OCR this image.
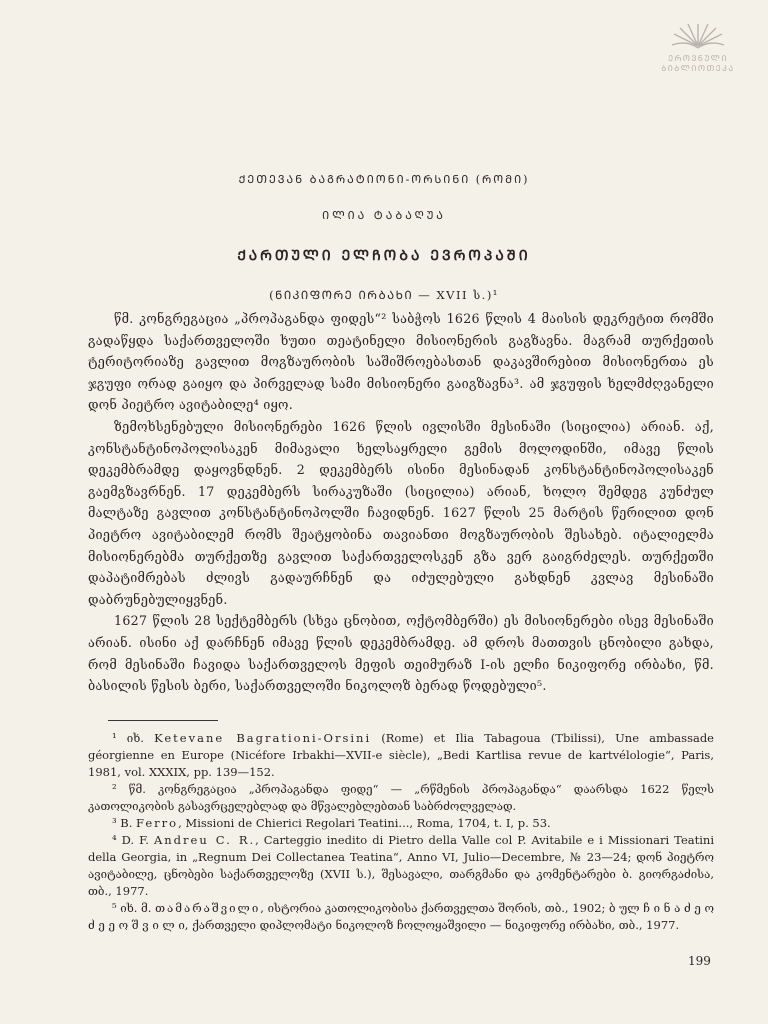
ᲔᲠᲝᲕᲜᲣᲚᲘ
ᲑᲘᲑᲚᲘᲝᲗᲔᲙᲐ
ᲥᲔᲗᲔᲕᲐᲜ ᲑᲐᲒᲠᲐᲢᲘᲝᲜᲘ-ᲝᲠᲡᲘᲜᲘ (ᲠᲝᲛᲘ)
ᲘᲚᲘᲐ ᲢᲐᲑᲐᲦᲣᲐ
ᲥᲐᲠᲗᲣᲚᲘ ᲔᲚᲩᲝᲑᲐ ᲔᲕᲠᲝᲞᲐᲨᲘ
(ᲜᲘᲙᲘᲤᲝᲠᲔ ᲘᲠᲑᲐᲮᲘ — XVII ს.)¹

წმ. კონგრეგაცია „პროპაგანდა ფიდეს“² საბჭოს 1626 წლის 4 მაისის დეკრეტით რომში გადაწყდა საქართველოში ხუთი თეატინელი მისიონერის გაგზავნა. მაგრამ თურქეთის ტერიტორიაზე გავლით მოგზაურობის საშიშროებასთან დაკავშირებით მისიონერთა ეს ჯგუფი ორად გაიყო და პირველად სამი მისიონერი გაიგზავნა³. ამ ჯგუფის ხელმძღვანელი დონ პიეტრო ავიტაბილე⁴ იყო.

ზემოხსენებული მისიონერები 1626 წლის ივლისში მესინაში (სიცილია) არიან. აქ, კონსტანტინოპოლისაკენ მიმავალი ხელსაყრელი გემის მოლოდინში, იმავე წლის დეკემბრამდე დაყოვნდნენ. 2 დეკემბერს ისინი მესინადან კონსტანტინოპოლისაკენ გაემგზავრნენ. 17 დეკემბერს სირაკუზაში (სიცილია) არიან, ხოლო შემდეგ კუნძულ მალტაზე გავლით კონსტანტინოპოლში ჩავიდნენ. 1627 წლის 25 მარტის წერილით დონ პიეტრო ავიტაბილემ რომს შეატყობინა თავიანთი მოგზაურობის შესახებ. იტალიელმა მისიონერებმა თურქეთზე გავლით საქართველოსკენ გზა ვერ გაიგრძელეს. თურქეთში დაპატიმრებას ძლივს გადაურჩნენ და იძულებული გახდნენ კვლავ მესინაში დაბრუნებულიყვნენ.

1627 წლის 28 სექტემბერს (სხვა ცნობით, ოქტომბერში) ეს მისიონერები ისევ მესინაში არიან. ისინი აქ დარჩნენ იმავე წლის დეკემბრამდე. ამ დროს მათთვის ცნობილი გახდა, რომ მესინაში ჩავიდა საქართველოს მეფის თეიმურაზ I-ის ელჩი ნიკიფორე ირბახი, წმ. ბასილის წესის ბერი, საქართველოში ნიკოლოზ ბერად წოდებული⁵.

¹ იხ. Ketevane Bagrationi-Orsini (Rome) et Ilia Tabagoua (Tbilissi), Une ambassade géorgienne en Europe (Nicéfore Irbakhi—XVII-e siècle), „Bedi Kartlisa revue de kartvélologie“, Paris, 1981, vol. XXXIX, pp. 139—152.

² წმ. კონგრეგაცია „პროპაგანდა ფიდე“ — „რწმენის პროპაგანდა“ დაარსდა 1622 წელს კათოლიკობის გასავრცელებლად და მწვალებლებთან საბრძოლველად.

³ B. Ferro, Missioni de Chierici Regolari Teatini..., Roma, 1704, t. I, p. 53.

⁴ D. F. Andreu C. R., Carteggio inedito di Pietro della Valle col P. Avitabile e i Missionari Teatini della Georgia, in „Regnum Dei Collectanea Teatina“, Anno VI, Julio—Decembre, № 23—24; დონ პიეტრო ავიტაბილე, ცნობები საქართველოზე (XVII ს.), შესავალი, თარგმანი და კომენტარები ბ. გიორგაძისა, თბ., 1977.

⁵ იხ. მ. თამარაშვილი, ისტორია კათოლიკობისა ქართველთა შორის, თბ., 1902; ბ ულ ჩ ი ნ ა ძ ე ო ძ ე ე ო შ ვ ი ლ ი, ქართველი დიპლომატი ნიკოლოზ ჩოლოყაშვილი — ნიკიფორე ირბახი, თბ., 1977.

199
